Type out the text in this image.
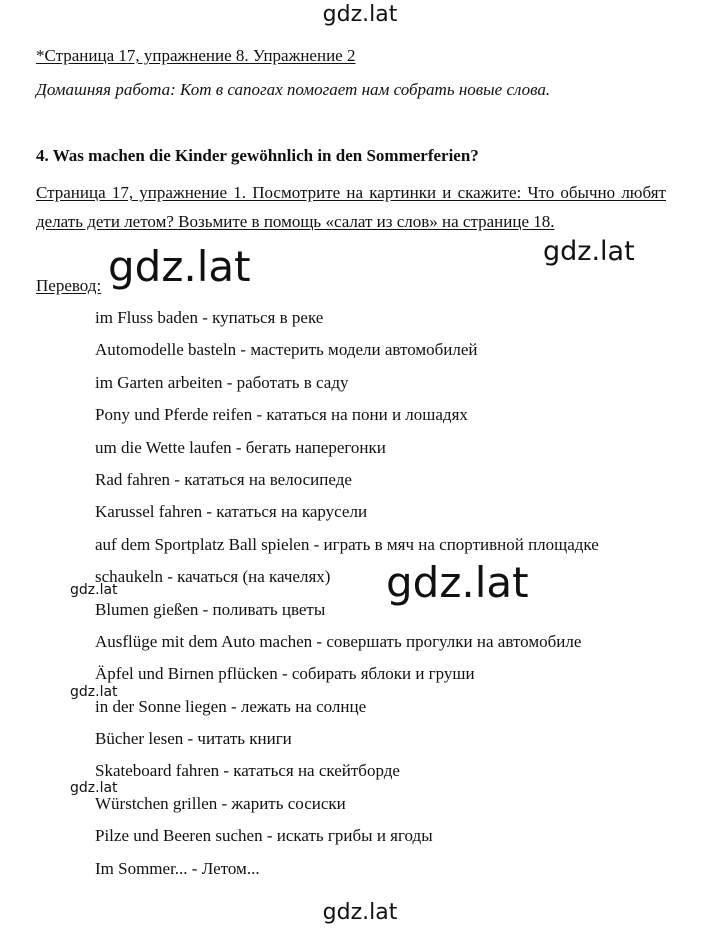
gdz.lat
*Страница 17, упражнение 8. Упражнение 2
Домашняя работа: Кот в сапогах помогает нам собрать новые слова.
4. Was machen die Kinder gewöhnlich in den Sommerferien?
Страница 17, упражнение 1. Посмотрите на картинки и скажите: Что обычно любят делать дети летом? Возьмите в помощь «салат из слов» на странице 18.
Перевод:
im Fluss baden - купаться в реке
Automodelle basteln - мастерить модели автомобилей
im Garten arbeiten - работать в саду
Pony und Pferde reifen - кататься на пони и лошадях
um die Wette laufen - бегать наперегонки
Rad fahren - кататься на велосипеде
Karussel fahren - кататься на карусели
auf dem Sportplatz Ball spielen - играть в мяч на спортивной площадке
schaukeln - качаться (на качелях)
Blumen gießen - поливать цветы
Ausflüge mit dem Auto machen - совершать прогулки на автомобиле
Äpfel und Birnen pflücken - собирать яблоки и груши
in der Sonne liegen - лежать на солнце
Bücher lesen - читать книги
Skateboard fahren - кататься на скейтборде
Würstchen grillen - жарить сосиски
Pilze und Beeren suchen - искать грибы и ягоды
Im Sommer... - Летом...
gdz.lat	gdz.lat
gdz.lat
gdz.lat
gdz.lat
gdz.lat
gdz.lat
